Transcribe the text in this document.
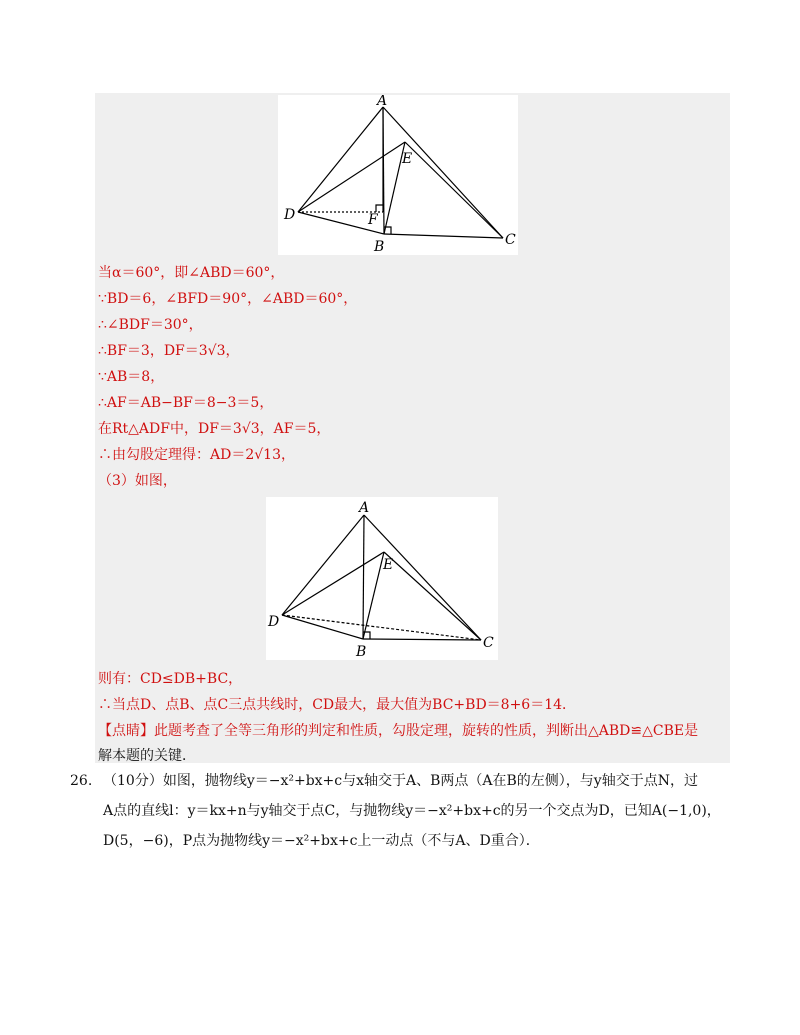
A
E
D	F
B	C
当α＝60°，即∠ABD＝60°，
∵BD＝6，∠BFD＝90°，∠ABD＝60°，
∴∠BDF＝30°，
∴BF＝3，DF＝3√3，
∵AB＝8，
∴AF＝AB−BF＝8−3＝5，
在Rt△ADF中，DF＝3√3，AF＝5，
∴由勾股定理得：AD＝2√13，
（3）如图，
A
E
D
B
C
则有：CD≤DB+BC，
∴当点D、点B、点C三点共线时，CD最大，最大值为BC+BD＝8+6＝14．
【点睛】此题考查了全等三角形的判定和性质，勾股定理，旋转的性质，判断出△ABD≌△CBE是
解本题的关键．
26. （10分）如图，抛物线y＝−x²+bx+c与x轴交于A、B两点（A在B的左侧），与y轴交于点N，过
A点的直线l：y＝kx+n与y轴交于点C，与抛物线y＝−x²+bx+c的另一个交点为D，已知A(−1,0)，
D(5，−6)，P点为抛物线y＝−x²+bx+c上一动点（不与A、D重合）．
